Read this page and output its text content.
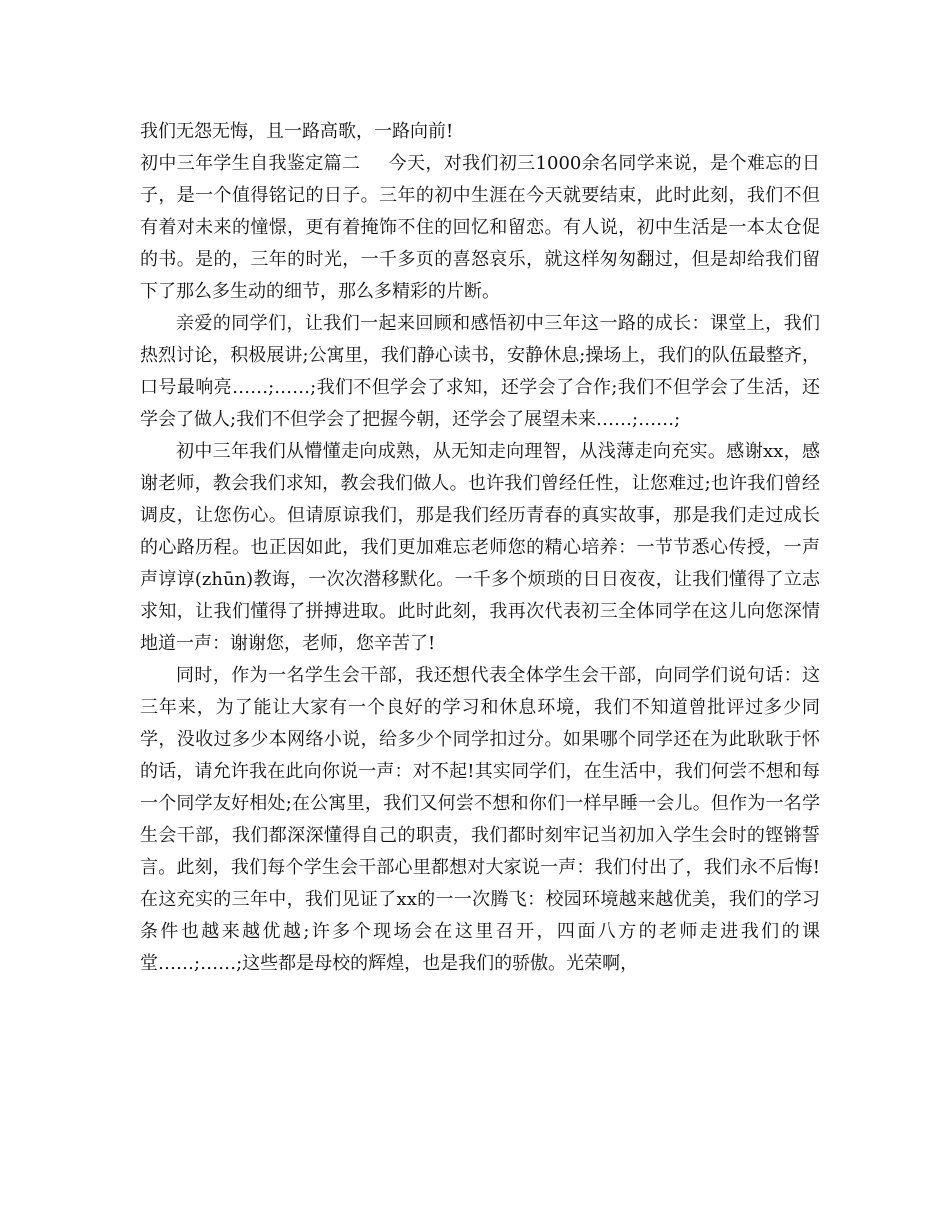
我们无怨无悔，且一路高歌，一路向前!

初中三年学生自我鉴定篇二 今天，对我们初三1000余名同学来说，是个难忘的日子，是一个值得铭记的日子。三年的初中生涯在今天就要结束，此时此刻，我们不但有着对未来的憧憬，更有着掩饰不住的回忆和留恋。有人说，初中生活是一本太仓促的书。是的，三年的时光，一千多页的喜怒哀乐，就这样匆匆翻过，但是却给我们留下了那么多生动的细节，那么多精彩的片断。

亲爱的同学们，让我们一起来回顾和感悟初中三年这一路的成长：课堂上，我们热烈讨论，积极展讲;公寓里，我们静心读书，安静休息;操场上，我们的队伍最整齐，口号最响亮……;……;我们不但学会了求知，还学会了合作;我们不但学会了生活，还学会了做人;我们不但学会了把握今朝，还学会了展望未来……;……;

初中三年我们从懵懂走向成熟，从无知走向理智，从浅薄走向充实。感谢xx，感谢老师，教会我们求知，教会我们做人。也许我们曾经任性，让您难过;也许我们曾经调皮，让您伤心。但请原谅我们，那是我们经历青春的真实故事，那是我们走过成长的心路历程。也正因如此，我们更加难忘老师您的精心培养：一节节悉心传授，一声声谆谆(zhūn)教诲，一次次潜移默化。一千多个烦琐的日日夜夜，让我们懂得了立志求知，让我们懂得了拼搏进取。此时此刻，我再次代表初三全体同学在这儿向您深情地道一声：谢谢您，老师，您辛苦了!

同时，作为一名学生会干部，我还想代表全体学生会干部，向同学们说句话：这三年来，为了能让大家有一个良好的学习和休息环境，我们不知道曾批评过多少同学，没收过多少本网络小说，给多少个同学扣过分。如果哪个同学还在为此耿耿于怀的话，请允许我在此向你说一声：对不起!其实同学们，在生活中，我们何尝不想和每一个同学友好相处;在公寓里，我们又何尝不想和你们一样早睡一会儿。但作为一名学生会干部，我们都深深懂得自己的职责，我们都时刻牢记当初加入学生会时的铿锵誓言。此刻，我们每个学生会干部心里都想对大家说一声：我们付出了，我们永不后悔!在这充实的三年中，我们见证了xx的一一次腾飞：校园环境越来越优美，我们的学习条件也越来越优越;许多个现场会在这里召开，四面八方的老师走进我们的课堂……;……;这些都是母校的辉煌，也是我们的骄傲。光荣啊，
